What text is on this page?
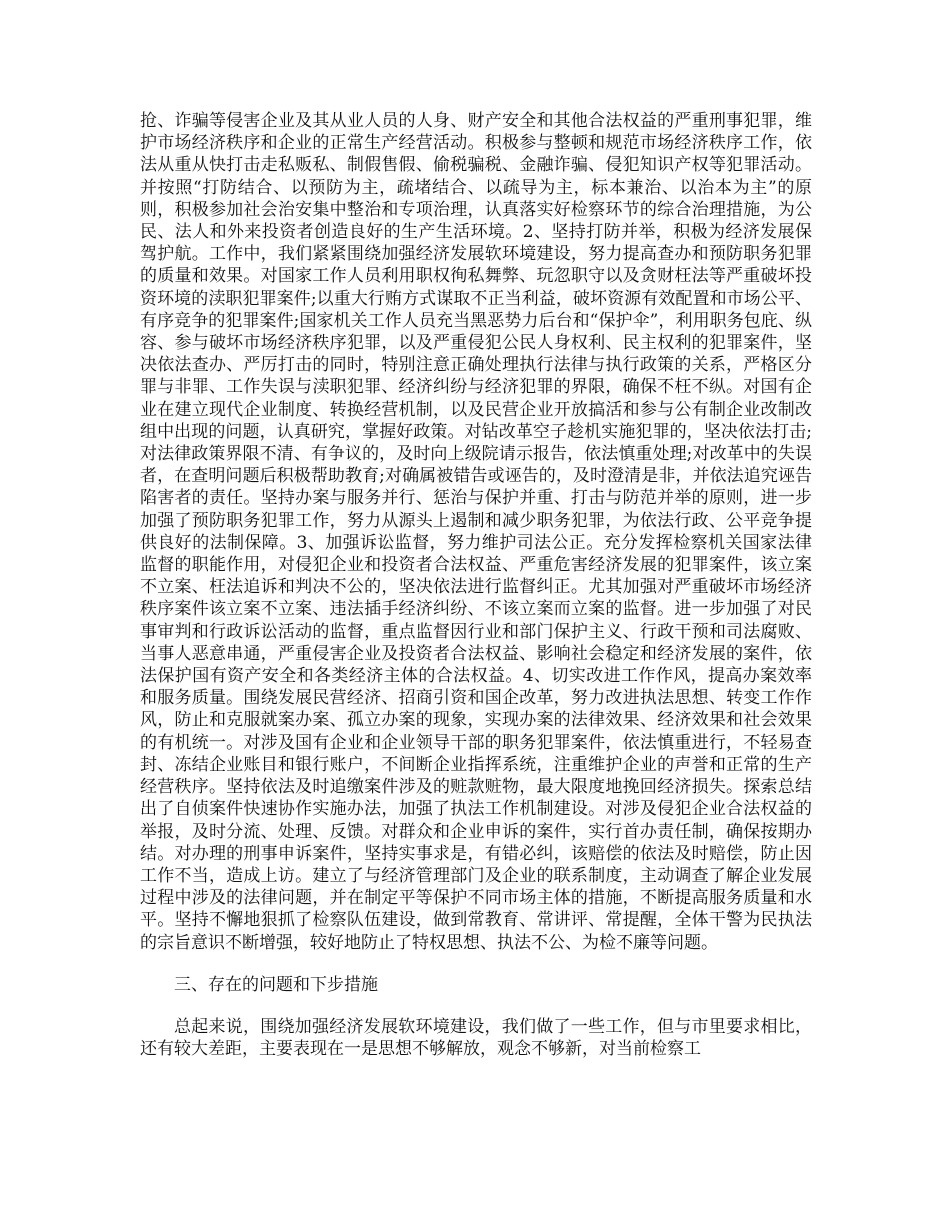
抢、诈骗等侵害企业及其从业人员的人身、财产安全和其他合法权益的严重刑事犯罪，维护市场经济秩序和企业的正常生产经营活动。积极参与整顿和规范市场经济秩序工作，依法从重从快打击走私贩私、制假售假、偷税骗税、金融诈骗、侵犯知识产权等犯罪活动。并按照“打防结合、以预防为主，疏堵结合、以疏导为主，标本兼治、以治本为主”的原则，积极参加社会治安集中整治和专项治理，认真落实好检察环节的综合治理措施，为公民、法人和外来投资者创造良好的生产生活环境。2、坚持打防并举，积极为经济发展保驾护航。工作中，我们紧紧围绕加强经济发展软环境建设，努力提高查办和预防职务犯罪的质量和效果。对国家工作人员利用职权徇私舞弊、玩忽职守以及贪财枉法等严重破坏投资环境的渎职犯罪案件;以重大行贿方式谋取不正当利益，破坏资源有效配置和市场公平、有序竞争的犯罪案件;国家机关工作人员充当黑恶势力后台和“保护伞”，利用职务包庇、纵容、参与破坏市场经济秩序犯罪，以及严重侵犯公民人身权利、民主权利的犯罪案件，坚决依法查办、严厉打击的同时，特别注意正确处理执行法律与执行政策的关系，严格区分罪与非罪、工作失误与渎职犯罪、经济纠纷与经济犯罪的界限，确保不枉不纵。对国有企业在建立现代企业制度、转换经营机制，以及民营企业开放搞活和参与公有制企业改制改组中出现的问题，认真研究，掌握好政策。对钻改革空子趁机实施犯罪的，坚决依法打击;对法律政策界限不清、有争议的，及时向上级院请示报告，依法慎重处理;对改革中的失误者，在查明问题后积极帮助教育;对确属被错告或诬告的，及时澄清是非，并依法追究诬告陷害者的责任。坚持办案与服务并行、惩治与保护并重、打击与防范并举的原则，进一步加强了预防职务犯罪工作，努力从源头上遏制和减少职务犯罪，为依法行政、公平竞争提供良好的法制保障。3、加强诉讼监督，努力维护司法公正。充分发挥检察机关国家法律监督的职能作用，对侵犯企业和投资者合法权益、严重危害经济发展的犯罪案件，该立案不立案、枉法追诉和判决不公的，坚决依法进行监督纠正。尤其加强对严重破坏市场经济秩序案件该立案不立案、违法插手经济纠纷、不该立案而立案的监督。进一步加强了对民事审判和行政诉讼活动的监督，重点监督因行业和部门保护主义、行政干预和司法腐败、当事人恶意串通，严重侵害企业及投资者合法权益、影响社会稳定和经济发展的案件，依法保护国有资产安全和各类经济主体的合法权益。4、切实改进工作作风，提高办案效率和服务质量。围绕发展民营经济、招商引资和国企改革，努力改进执法思想、转变工作作风，防止和克服就案办案、孤立办案的现象，实现办案的法律效果、经济效果和社会效果的有机统一。对涉及国有企业和企业领导干部的职务犯罪案件，依法慎重进行，不轻易查封、冻结企业账目和银行账户，不间断企业指挥系统，注重维护企业的声誉和正常的生产经营秩序。坚持依法及时追缴案件涉及的赃款赃物，最大限度地挽回经济损失。探索总结出了自侦案件快速协作实施办法，加强了执法工作机制建设。对涉及侵犯企业合法权益的举报，及时分流、处理、反馈。对群众和企业申诉的案件，实行首办责任制，确保按期办结。对办理的刑事申诉案件，坚持实事求是，有错必纠，该赔偿的依法及时赔偿，防止因工作不当，造成上访。建立了与经济管理部门及企业的联系制度，主动调查了解企业发展过程中涉及的法律问题，并在制定平等保护不同市场主体的措施，不断提高服务质量和水平。坚持不懈地狠抓了检察队伍建设，做到常教育、常讲评、常提醒，全体干警为民执法的宗旨意识不断增强，较好地防止了特权思想、执法不公、为检不廉等问题。

三、存在的问题和下步措施

总起来说，围绕加强经济发展软环境建设，我们做了一些工作，但与市里要求相比，还有较大差距，主要表现在一是思想不够解放，观念不够新，对当前检察工
